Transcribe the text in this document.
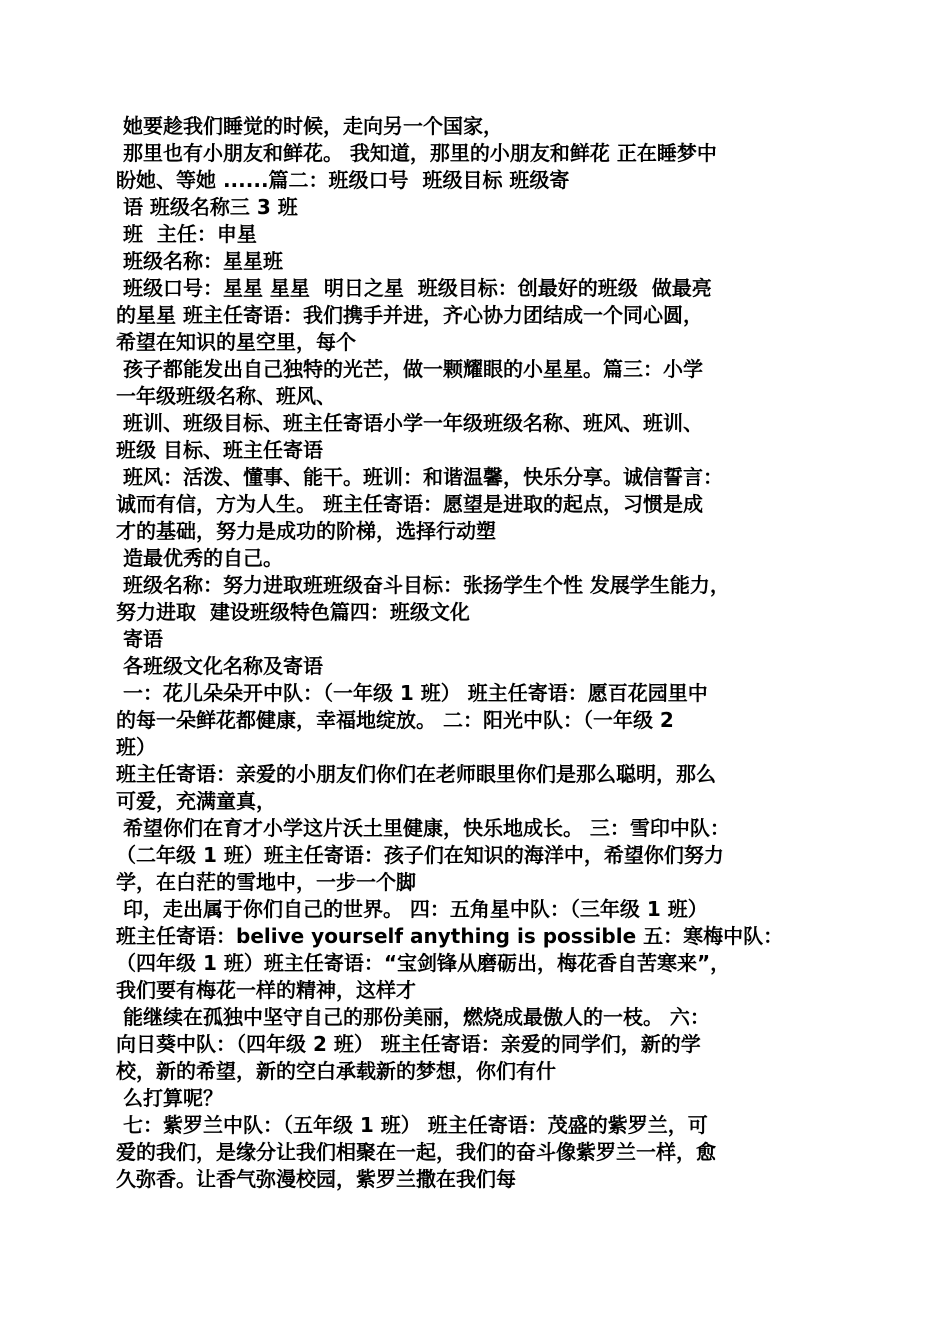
她要趁我们睡觉的时候，走向另一个国家，
那里也有小朋友和鲜花。 我知道，那里的小朋友和鲜花 正在睡梦中
盼她、等她 ......篇二：班级口号  班级目标 班级寄
语 班级名称三 3 班
班  主任：申星
班级名称：星星班
班级口号：星星 星星  明日之星  班级目标：创最好的班级  做最亮
的星星 班主任寄语：我们携手并进，齐心协力团结成一个同心圆，
希望在知识的星空里，每个
孩子都能发出自己独特的光芒，做一颗耀眼的小星星。篇三：小学
一年级班级名称、班风、
班训、班级目标、班主任寄语小学一年级班级名称、班风、班训、
班级 目标、班主任寄语
班风：活泼、懂事、能干。班训：和谐温馨，快乐分享。诚信誓言：
诚而有信，方为人生。 班主任寄语：愿望是进取的起点，习惯是成
才的基础，努力是成功的阶梯，选择行动塑
造最优秀的自己。
班级名称：努力进取班班级奋斗目标：张扬学生个性 发展学生能力，
努力进取  建设班级特色篇四：班级文化
寄语
各班级文化名称及寄语
一：花儿朵朵开中队：（一年级 1 班） 班主任寄语：愿百花园里中
的每一朵鲜花都健康，幸福地绽放。 二：阳光中队：（一年级 2
班）
班主任寄语：亲爱的小朋友们你们在老师眼里你们是那么聪明，那么
可爱，充满童真，
希望你们在育才小学这片沃土里健康，快乐地成长。 三：雪印中队：
（二年级 1 班）班主任寄语：孩子们在知识的海洋中，希望你们努力
学，在白茫的雪地中，一步一个脚
印，走出属于你们自己的世界。 四：五角星中队：（三年级 1 班）
班主任寄语：belive yourself anything is possible 五：寒梅中队：
（四年级 1 班）班主任寄语：“宝剑锋从磨砺出，梅花香自苦寒来”，
我们要有梅花一样的精神，这样才
能继续在孤独中坚守自己的那份美丽，燃烧成最傲人的一枝。 六：
向日葵中队：（四年级 2 班） 班主任寄语：亲爱的同学们，新的学
校，新的希望，新的空白承载新的梦想，你们有什
么打算呢？
七：紫罗兰中队：（五年级 1 班） 班主任寄语：茂盛的紫罗兰，可
爱的我们，是缘分让我们相聚在一起，我们的奋斗像紫罗兰一样，愈
久弥香。让香气弥漫校园，紫罗兰撒在我们每
